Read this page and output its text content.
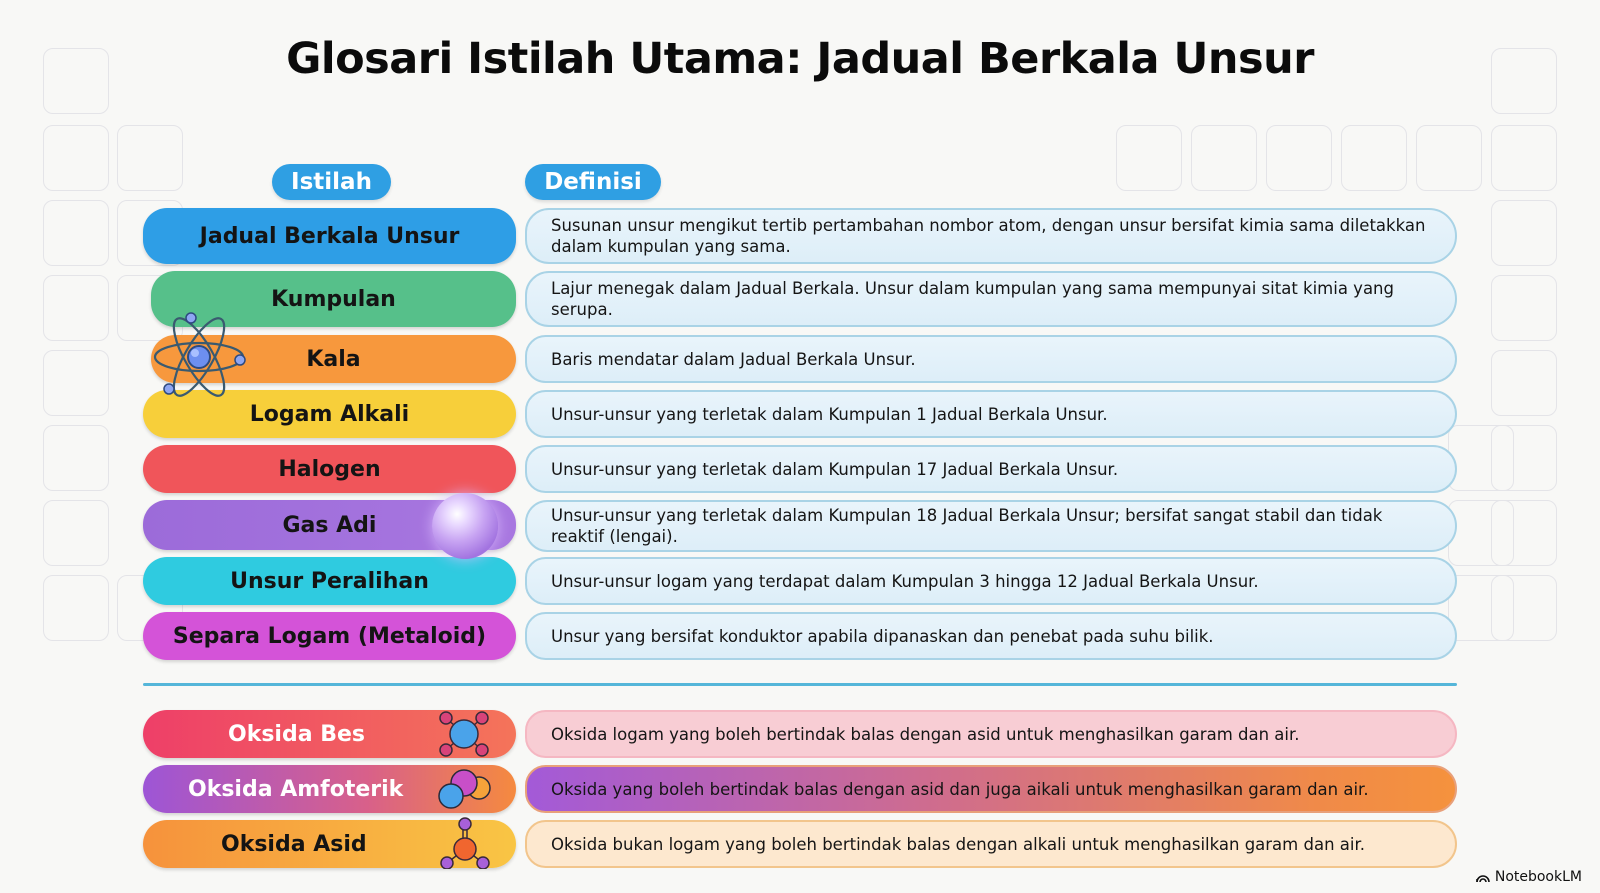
Glosari Istilah Utama: Jadual Berkala Unsur
Istilah	Definisi
Jadual Berkala Unsur	Susunan unsur mengikut tertib pertambahan nombor atom, dengan unsur bersifat kimia sama diletakkan dalam kumpulan yang sama.
Kumpulan	Lajur menegak dalam Jadual Berkala. Unsur dalam kumpulan yang sama mempunyai sitat kimia yang serupa.
Kala	Baris mendatar dalam Jadual Berkala Unsur.
Logam Alkali	Unsur-unsur yang terletak dalam Kumpulan 1 Jadual Berkala Unsur.
Halogen	Unsur-unsur yang terletak dalam Kumpulan 17 Jadual Berkala Unsur.
Gas Adi	Unsur-unsur yang terletak dalam Kumpulan 18 Jadual Berkala Unsur; bersifat sangat stabil dan tidak reaktif (lengai).
Unsur Peralihan	Unsur-unsur logam yang terdapat dalam Kumpulan 3 hingga 12 Jadual Berkala Unsur.
Separa Logam (Metaloid)	Unsur yang bersifat konduktor apabila dipanaskan dan penebat pada suhu bilik.
Oksida Bes	Oksida logam yang boleh bertindak balas dengan asid untuk menghasilkan garam dan air.
Oksida Amfoterik	Oksida yang boleh bertindak balas dengan asid dan juga aikali untuk menghasilkan garam dan air.
Oksida Asid	Oksida bukan logam yang boleh bertindak balas dengan alkali untuk menghasilkan garam dan air.
NotebookLM
